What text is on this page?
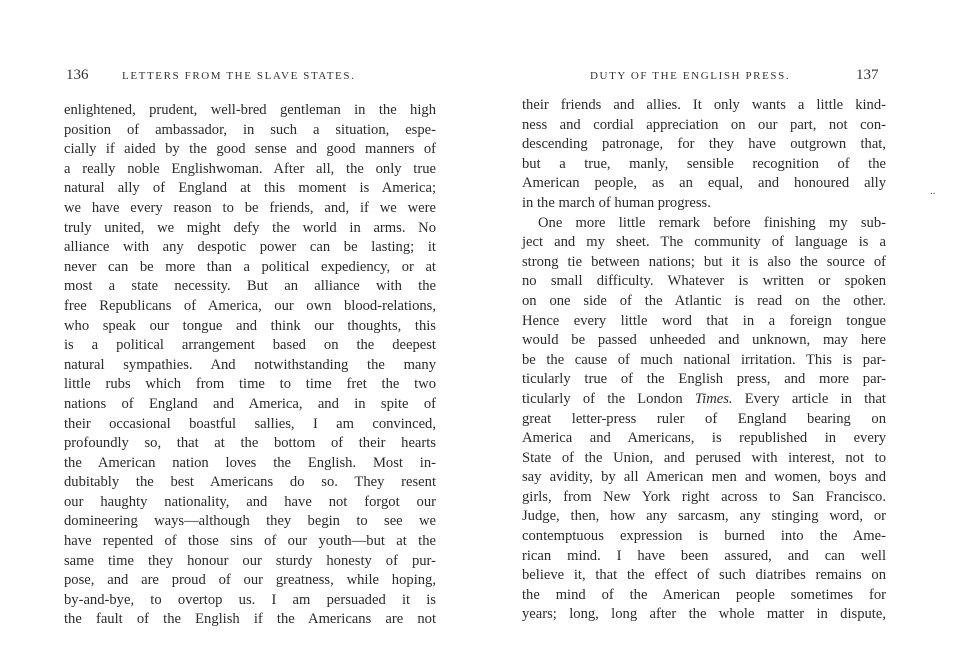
136	LETTERS FROM THE SLAVE STATES.
enlightened, prudent, well-bred gentleman in the high
position of ambassador, in such a situation, espe-
cially if aided by the good sense and good manners of
a really noble Englishwoman. After all, the only true
natural ally of England at this moment is America;
we have every reason to be friends, and, if we were
truly united, we might defy the world in arms. No
alliance with any despotic power can be lasting; it
never can be more than a political expediency, or at
most a state necessity. But an alliance with the
free Republicans of America, our own blood-relations,
who speak our tongue and think our thoughts, this
is a political arrangement based on the deepest
natural sympathies. And notwithstanding the many
little rubs which from time to time fret the two
nations of England and America, and in spite of
their occasional boastful sallies, I am convinced,
profoundly so, that at the bottom of their hearts
the American nation loves the English. Most in-
dubitably the best Americans do so. They resent
our haughty nationality, and have not forgot our
domineering ways—although they begin to see we
have repented of those sins of our youth—but at the
same time they honour our sturdy honesty of pur-
pose, and are proud of our greatness, while hoping,
by-and-bye, to overtop us. I am persuaded it is
the fault of the English if the Americans are not
DUTY OF THE ENGLISH PRESS.	137
their friends and allies. It only wants a little kind-
ness and cordial appreciation on our part, not con-
descending patronage, for they have outgrown that,
but a true, manly, sensible recognition of the
American people, as an equal, and honoured ally
in the march of human progress.
One more little remark before finishing my sub-
ject and my sheet. The community of language is a
strong tie between nations; but it is also the source of
no small difficulty. Whatever is written or spoken
on one side of the Atlantic is read on the other.
Hence every little word that in a foreign tongue
would be passed unheeded and unknown, may here
be the cause of much national irritation. This is par-
ticularly true of the English press, and more par-
ticularly of the London Times. Every article in that
great letter-press ruler of England bearing on
America and Americans, is republished in every
State of the Union, and perused with interest, not to
say avidity, by all American men and women, boys and
girls, from New York right across to San Francisco.
Judge, then, how any sarcasm, any stinging word, or
contemptuous expression is burned into the Ame-
rican mind. I have been assured, and can well
believe it, that the effect of such diatribes remains on
the mind of the American people sometimes for
years; long, long after the whole matter in dispute,
..
